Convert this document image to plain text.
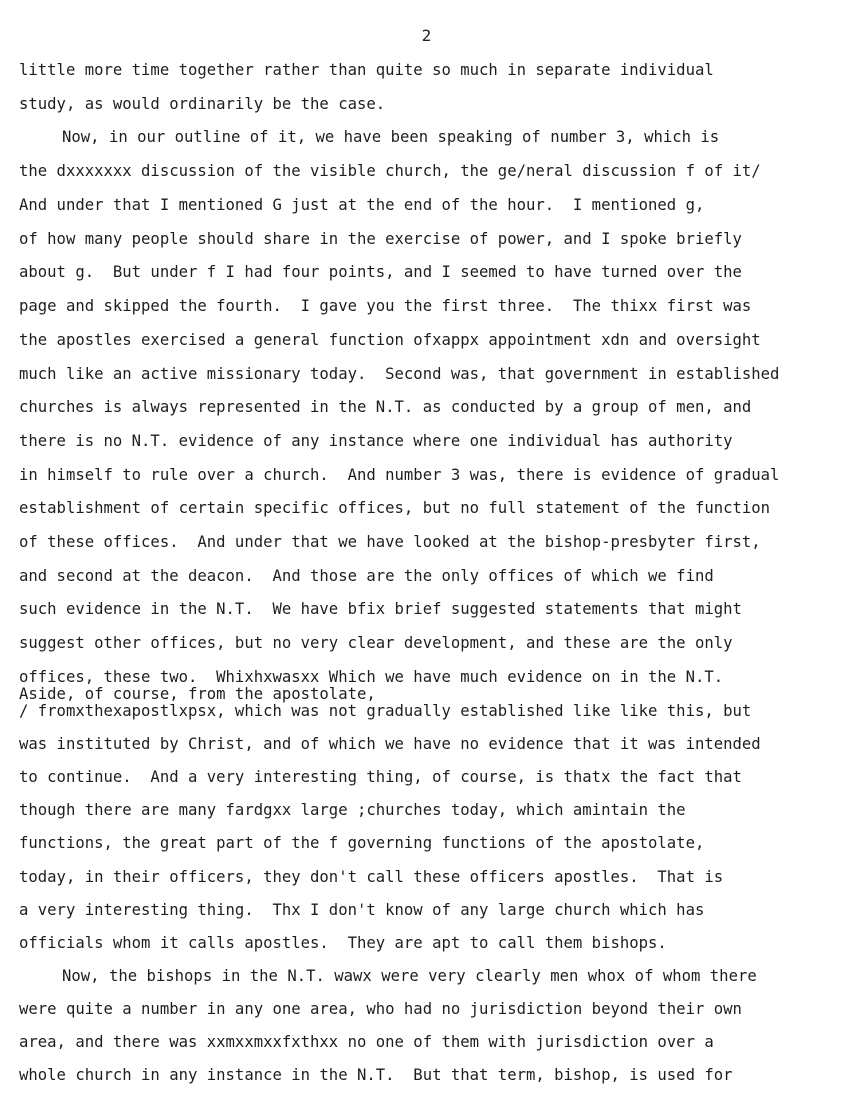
2
little more time together rather than quite so much in separate individual
study, as would ordinarily be the case.
Now, in our outline of it, we have been speaking of number 3, which is
the dxxxxxxx discussion of the visible church, the ge/neral discussion f of it/
And under that I mentioned G just at the end of the hour.  I mentioned g,
of how many people should share in the exercise of power, and I spoke briefly
about g.  But under f I had four points, and I seemed to have turned over the
page and skipped the fourth.  I gave you the first three.  The thixx first was
the apostles exercised a general function ofxappx appointment xdn and oversight
much like an active missionary today.  Second was, that government in established
churches is always represented in the N.T. as conducted by a group of men, and
there is no N.T. evidence of any instance where one individual has authority
in himself to rule over a church.  And number 3 was, there is evidence of gradual
establishment of certain specific offices, but no full statement of the function
of these offices.  And under that we have looked at the bishop-presbyter first,
and second at the deacon.  And those are the only offices of which we find
such evidence in the N.T.  We have bfix brief suggested statements that might
suggest other offices, but no very clear development, and these are the only
offices, these two.  Whixhxwasxx Which we have much evidence on in the N.T.
Aside, of course, from the apostolate,
/ fromxthexapostlxpsx, which was not gradually established like like this, but
was instituted by Christ, and of which we have no evidence that it was intended
to continue.  And a very interesting thing, of course, is thatx the fact that
though there are many fardgxx large ;churches today, which amintain the
functions, the great part of the f governing functions of the apostolate,
today, in their officers, they don't call these officers apostles.  That is
a very interesting thing.  Thx I don't know of any large church which has
officials whom it calls apostles.  They are apt to call them bishops.
Now, the bishops in the N.T. wawx were very clearly men whox of whom there
were quite a number in any one area, who had no jurisdiction beyond their own
area, and there was xxmxxmxxfxthxx no one of them with jurisdiction over a
whole church in any instance in the N.T.  But that term, bishop, is used for
